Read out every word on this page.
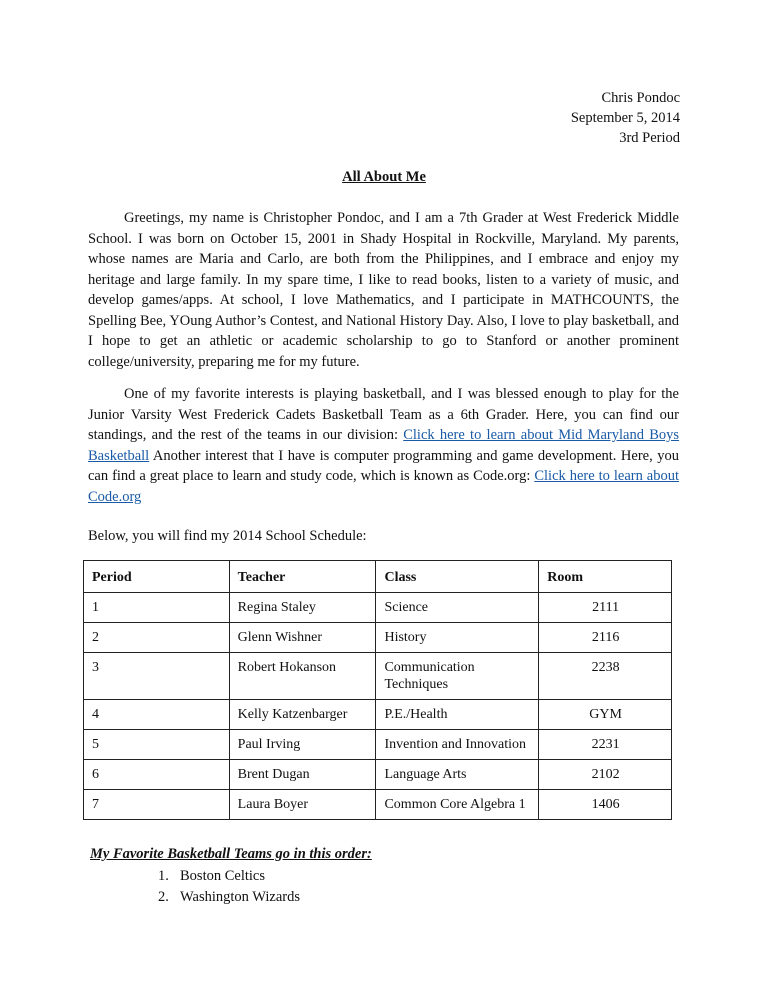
Chris Pondoc
September 5, 2014
3rd Period
All About Me
Greetings, my name is Christopher Pondoc, and I am a 7th Grader at West Frederick Middle School. I was born on October 15, 2001 in Shady Hospital in Rockville, Maryland. My parents, whose names are Maria and Carlo, are both from the Philippines, and I embrace and enjoy my heritage and large family. In my spare time, I like to read books, listen to a variety of music, and develop games/apps. At school, I love Mathematics, and I participate in MATHCOUNTS, the Spelling Bee, YOung Author’s Contest, and National History Day. Also, I love to play basketball, and I hope to get an athletic or academic scholarship to go to Stanford or another prominent college/university, preparing me for my future.
One of my favorite interests is playing basketball, and I was blessed enough to play for the Junior Varsity West Frederick Cadets Basketball Team as a 6th Grader. Here, you can find our standings, and the rest of the teams in our division: Click here to learn about Mid Maryland Boys Basketball Another interest that I have is computer programming and game development. Here, you can find a great place to learn and study code, which is known as Code.org: Click here to learn about Code.org
Below, you will find my 2014 School Schedule:
Period	Teacher	Class	Room
1	Regina Staley	Science	2111
2	Glenn Wishner	History	2116
3	Robert Hokanson	Communication Techniques	2238
4	Kelly Katzenbarger	P.E./Health	GYM
5	Paul Irving	Invention and Innovation	2231
6	Brent Dugan	Language Arts	2102
7	Laura Boyer	Common Core Algebra 1	1406
My Favorite Basketball Teams go in this order:
1. Boston Celtics
2. Washington Wizards
